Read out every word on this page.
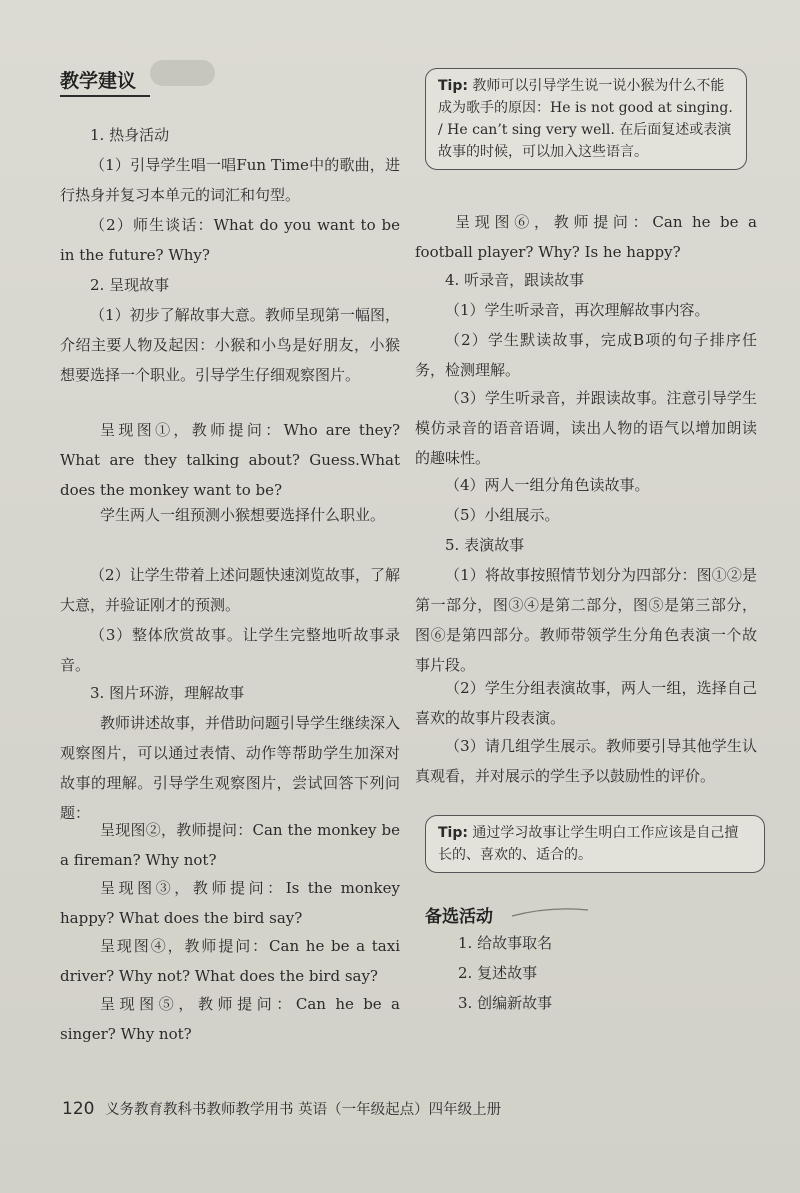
教学建议

1. 热身活动

（1）引导学生唱一唱Fun Time中的歌曲，进行热身并复习本单元的词汇和句型。

（2）师生谈话：What do you want to be in the future? Why?

2. 呈现故事

（1）初步了解故事大意。教师呈现第一幅图，介绍主要人物及起因：小猴和小鸟是好朋友，小猴想要选择一个职业。引导学生仔细观察图片。

呈现图①，教师提问：Who are they? What are they talking about? Guess.What does the monkey want to be?

学生两人一组预测小猴想要选择什么职业。

（2）让学生带着上述问题快速浏览故事，了解大意，并验证刚才的预测。

（3）整体欣赏故事。让学生完整地听故事录音。

3. 图片环游，理解故事

教师讲述故事，并借助问题引导学生继续深入观察图片，可以通过表情、动作等帮助学生加深对故事的理解。引导学生观察图片，尝试回答下列问题：

呈现图②，教师提问：Can the monkey be a fireman? Why not?

呈现图③，教师提问：Is the monkey happy? What does the bird say?

呈现图④，教师提问：Can he be a taxi driver? Why not? What does the bird say?

呈现图⑤，教师提问：Can he be a singer? Why not?

Tip: 教师可以引导学生说一说小猴为什么不能成为歌手的原因：He is not good at singing. / He can’t sing very well. 在后面复述或表演故事的时候，可以加入这些语言。

呈现图⑥，教师提问：Can he be a football player? Why? Is he happy?

4. 听录音，跟读故事

（1）学生听录音，再次理解故事内容。

（2）学生默读故事，完成B项的句子排序任务，检测理解。

（3）学生听录音，并跟读故事。注意引导学生模仿录音的语音语调，读出人物的语气以增加朗读的趣味性。

（4）两人一组分角色读故事。

（5）小组展示。

5. 表演故事

（1）将故事按照情节划分为四部分：图①②是第一部分，图③④是第二部分，图⑤是第三部分，图⑥是第四部分。教师带领学生分角色表演一个故事片段。

（2）学生分组表演故事，两人一组，选择自己喜欢的故事片段表演。

（3）请几组学生展示。教师要引导其他学生认真观看，并对展示的学生予以鼓励性的评价。

Tip: 通过学习故事让学生明白工作应该是自己擅长的、喜欢的、适合的。
备选活动
1. 给故事取名
2. 复述故事
3. 创编新故事
120 义务教育教科书教师教学用书 英语（一年级起点）四年级上册
